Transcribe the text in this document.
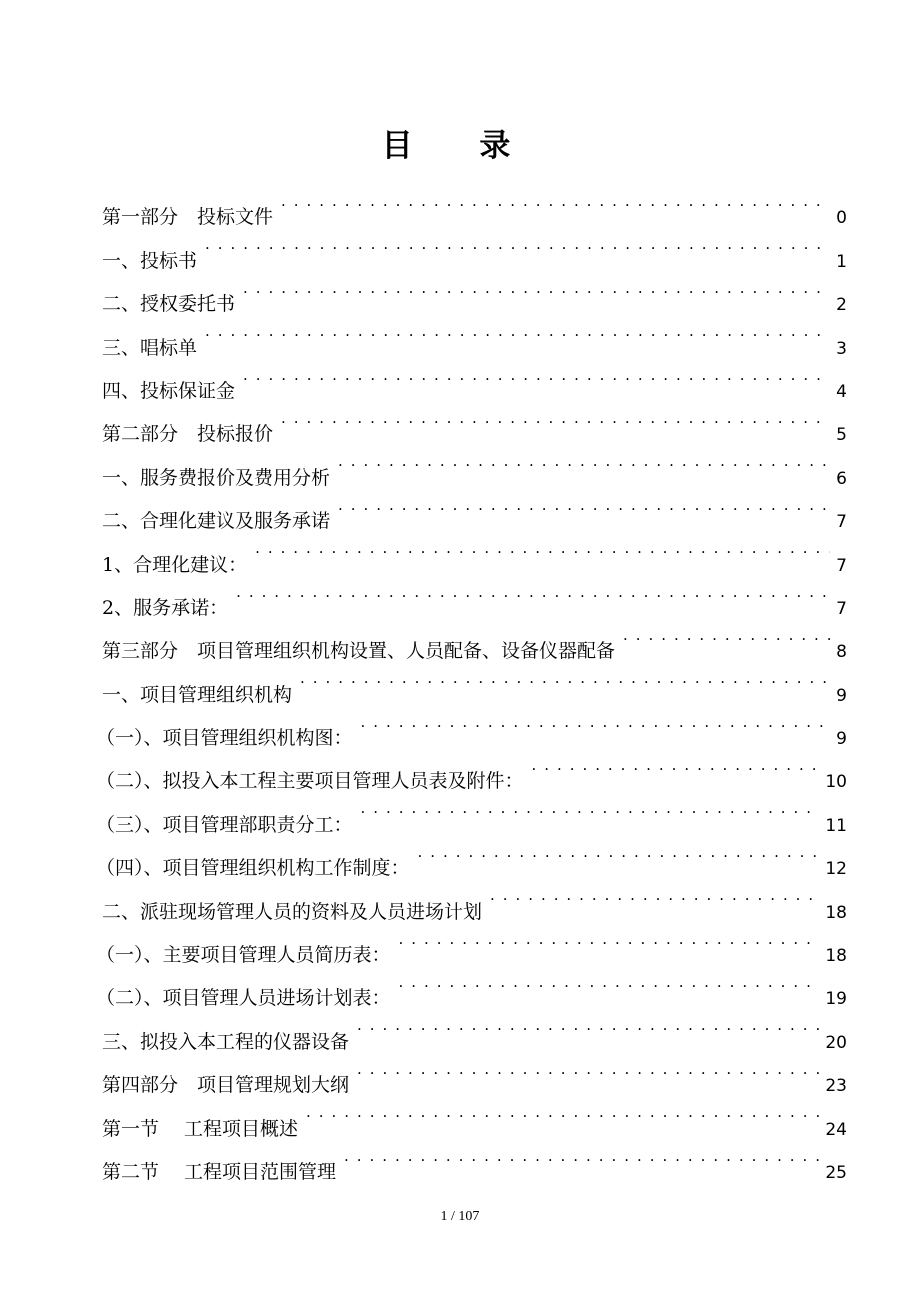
目 录
第一部分　投标文件 . . .	0
一、投标书 . . .	1
二、授权委托书 . . .	2
三、唱标单 . . .	3
四、投标保证金 . . .	4
第二部分　投标报价 . . .	5
一、服务费报价及费用分析 . . .	6
二、合理化建议及服务承诺 . . .	7
1、合理化建议： . . .	7
2、服务承诺： . . .	7
第三部分　项目管理组织机构设置、人员配备、设备仪器配备 . . .	8
一、项目管理组织机构 . . .	9
（一）、项目管理组织机构图： . . .	9
（二）、拟投入本工程主要项目管理人员表及附件： . . .	10
（三）、项目管理部职责分工： . . .	11
（四）、项目管理组织机构工作制度： . . .	12
二、派驻现场管理人员的资料及人员进场计划 . . .	18
（一）、主要项目管理人员简历表： . . .	18
（二）、项目管理人员进场计划表： . . .	19
三、拟投入本工程的仪器设备 . . .	20
第四部分　项目管理规划大纲 . . .	23
第一节　 工程项目概述 . . .	24
第二节　 工程项目范围管理 . . .	25
1 / 107
